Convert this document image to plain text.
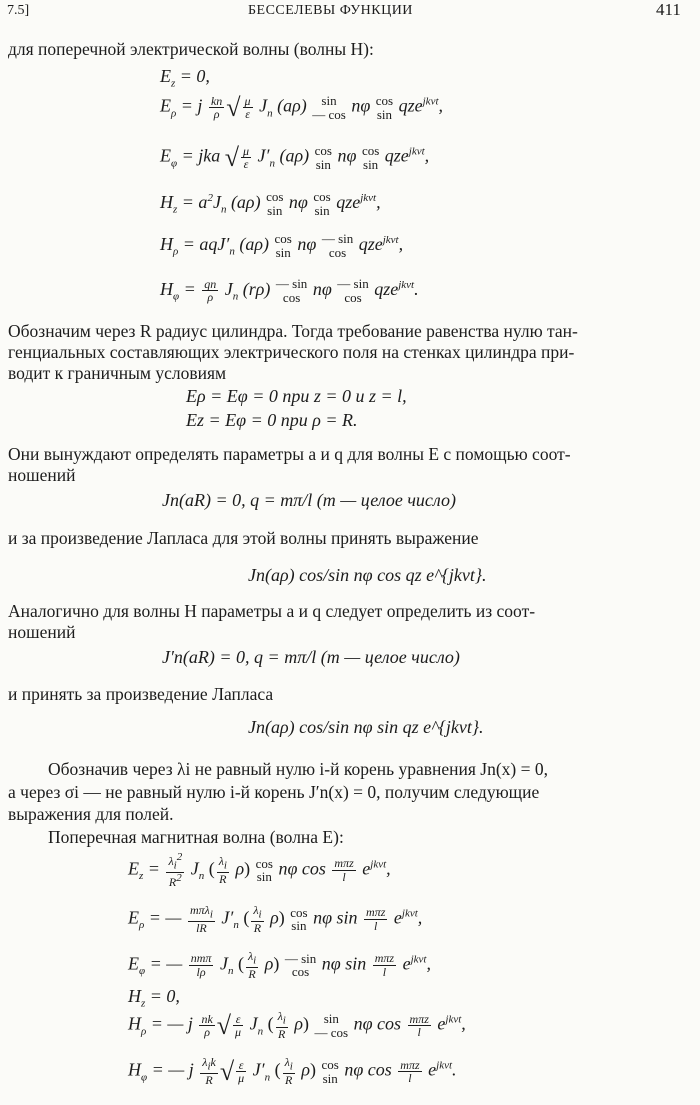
7.5]	БЕССЕЛЕВЫ ФУНКЦИИ	411
для поперечной электрической волны (волны H):
$E_z = 0$,
$E_\rho = j \frac{kn}{\rho}$ √ $\frac{\mu}{\varepsilon} J_n$ (aρ) sin
— cos nφ cos
sin qze$^{jkvt}$,
$E_\varphi$ = jka √ $\frac{\mu}{\varepsilon} J'_n$ (aρ) cos
sin nφ cos
sin qze$^{jkvt}$,
$H_z = a^2J_n$ (aρ) cos
sin nφ cos
sin qze$^{jkvt}$,
$H_\rho = aqJ'_n$ (aρ) cos
sin nφ — sin
cos qze$^{jkvt}$,
$H_\varphi = \frac{qn}{\rho} J_n$ (rρ) — sin
cos nφ — sin
cos qze$^{jkvt}$.
Обозначим через R радиус цилиндра. Тогда требование равенства нулю тан-
генциальных составляющих электрического поля на стенках цилиндра при-
водит к граничным условиям
Eρ = Eφ = 0 при z = 0 и z = l,
Ez = Eφ = 0 при ρ = R.
Они вынуждают определять параметры a и q для волны E с помощью соот-
ношений
Jn(aR) = 0, q = mπ/l (m — целое число)
и за произведение Лапласа для этой волны принять выражение
Jn(aρ) cos/sin nφ cos qz e^{jkvt}.
Аналогично для волны H параметры a и q следует определить из соот-
ношений
J′n(aR) = 0, q = mπ/l (m — целое число)
и принять за произведение Лапласа
Jn(aρ) cos/sin nφ sin qz e^{jkvt}.
Обозначив через λi не равный нулю i-й корень уравнения Jn(x) = 0,
а через σi — не равный нулю i-й корень J′n(x) = 0, получим следующие
выражения для полей.
Поперечная магнитная волна (волна E):
$E_z = \frac{\lambda_i^2}{R^2} J_n$ ( $\frac{\lambda_i}{R} \rho$) cos
sin nφ $\cos \frac{\text{mπz}}{l} e^{jkvt}$,
$E_\rho$ = — $\frac{m\pi\lambda_i}{lR} J'_n$ ( $\frac{\lambda_i}{R} \rho$) cos
sin nφ $\sin \frac{\text{mπz}}{l} e^{jkvt}$,
$E_\varphi$ = — $\frac{\text{nmπ}}{l\rho} J_n$ ( $\frac{\lambda_i}{R} \rho$) — sin
cos nφ $\sin \frac{\text{mπz}}{l} e^{jkvt}$,
$H_z = 0$,
$H_\rho$ = — j $\frac{nk}{\rho}$ √ $\frac{\varepsilon}{\mu} J_n$ ( $\frac{\lambda_i}{R} \rho$)	sin
— cos nφ $\cos \frac{\text{mπz}}{l} e^{jkvt}$,
$H_\varphi$ = — j $\frac{\lambda_ik}{R}$ √ $\frac{\varepsilon}{\mu} J'_n$ ( $\frac{\lambda_i}{R} \rho$) cos
sin nφ $\cos \frac{\text{mπz}}{l} e^{jkvt}$.
